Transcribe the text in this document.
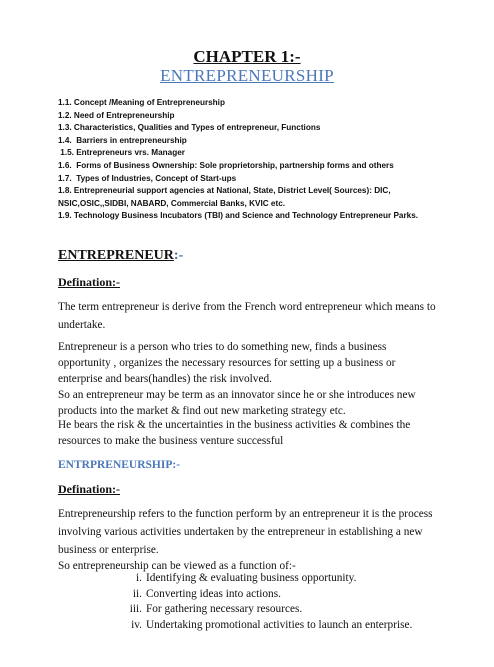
CHAPTER 1:-
ENTREPRENEURSHIP
1.1. Concept /Meaning of Entrepreneurship
1.2. Need of Entrepreneurship
1.3. Characteristics, Qualities and Types of entrepreneur, Functions
1.4.  Barriers in entrepreneurship
1.5. Entrepreneurs vrs. Manager
1.6.  Forms of Business Ownership: Sole proprietorship, partnership forms and others
1.7.  Types of Industries, Concept of Start-ups
1.8. Entrepreneurial support agencies at National, State, District Level( Sources): DIC, NSIC,OSIC,,SIDBI, NABARD, Commercial Banks, KVIC etc.
1.9. Technology Business Incubators (TBI) and Science and Technology Entrepreneur Parks.
ENTREPRENEUR:-
Defination:-
The term entrepreneur is derive from the French word entrepreneur which means to undertake.
Entrepreneur is a person who tries to do something new, finds a business opportunity , organizes the necessary resources for setting up a business or enterprise and bears(handles) the risk involved.
So an entrepreneur may be term as an innovator since he or she introduces new products into the market & find out new marketing strategy etc.
He bears the risk & the uncertainties in the business activities & combines the resources to make the business venture successful
ENTRPRENEURSHIP:-
Defination:-
Entrepreneurship refers to the function perform by an entrepreneur it is the process involving various activities undertaken by the entrepreneur in establishing a new business or enterprise.
So entrepreneurship can be viewed as a function of:-
i. Identifying & evaluating business opportunity.
ii. Converting ideas into actions.
iii. For gathering necessary resources.
iv. Undertaking promotional activities to launch an enterprise.
